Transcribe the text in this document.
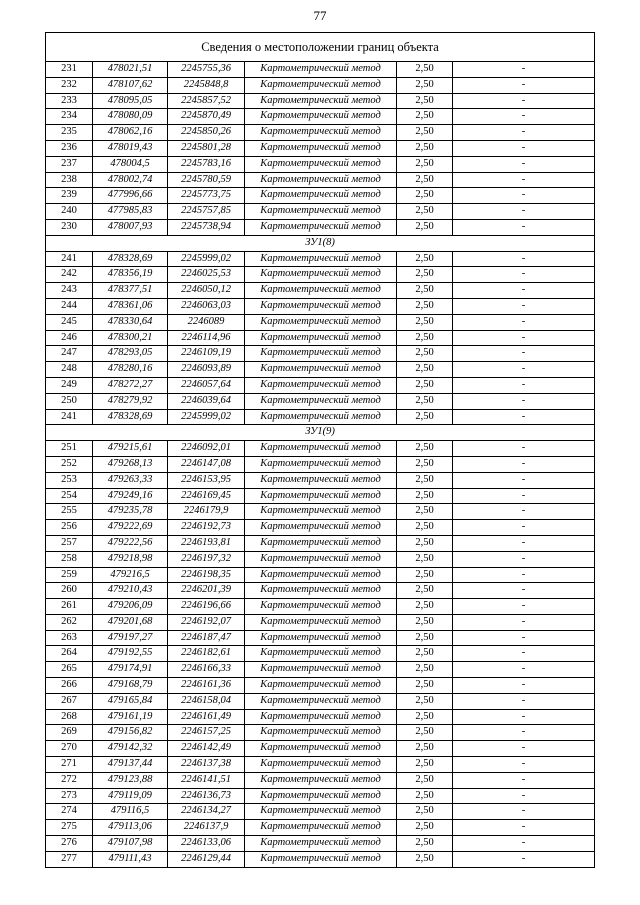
77
Сведения о местоположении границ объекта					
231	478021,51	2245755,36	Картометрический метод	2,50	-
232	478107,62	2245848,8	Картометрический метод	2,50	-
233	478095,05	2245857,52	Картометрический метод	2,50	-
234	478080,09	2245870,49	Картометрический метод	2,50	-
235	478062,16	2245850,26	Картометрический метод	2,50	-
236	478019,43	2245801,28	Картометрический метод	2,50	-
237	478004,5	2245783,16	Картометрический метод	2,50	-
238	478002,74	2245780,59	Картометрический метод	2,50	-
239	477996,66	2245773,75	Картометрический метод	2,50	-
240	477985,83	2245757,85	Картометрический метод	2,50	-
230	478007,93	2245738,94	Картометрический метод	2,50	-
ЗУ1(8)					
241	478328,69	2245999,02	Картометрический метод	2,50	-
242	478356,19	2246025,53	Картометрический метод	2,50	-
243	478377,51	2246050,12	Картометрический метод	2,50	-
244	478361,06	2246063,03	Картометрический метод	2,50	-
245	478330,64	2246089	Картометрический метод	2,50	-
246	478300,21	2246114,96	Картометрический метод	2,50	-
247	478293,05	2246109,19	Картометрический метод	2,50	-
248	478280,16	2246093,89	Картометрический метод	2,50	-
249	478272,27	2246057,64	Картометрический метод	2,50	-
250	478279,92	2246039,64	Картометрический метод	2,50	-
241	478328,69	2245999,02	Картометрический метод	2,50	-
ЗУ1(9)					
251	479215,61	2246092,01	Картометрический метод	2,50	-
252	479268,13	2246147,08	Картометрический метод	2,50	-
253	479263,33	2246153,95	Картометрический метод	2,50	-
254	479249,16	2246169,45	Картометрический метод	2,50	-
255	479235,78	2246179,9	Картометрический метод	2,50	-
256	479222,69	2246192,73	Картометрический метод	2,50	-
257	479222,56	2246193,81	Картометрический метод	2,50	-
258	479218,98	2246197,32	Картометрический метод	2,50	-
259	479216,5	2246198,35	Картометрический метод	2,50	-
260	479210,43	2246201,39	Картометрический метод	2,50	-
261	479206,09	2246196,66	Картометрический метод	2,50	-
262	479201,68	2246192,07	Картометрический метод	2,50	-
263	479197,27	2246187,47	Картометрический метод	2,50	-
264	479192,55	2246182,61	Картометрический метод	2,50	-
265	479174,91	2246166,33	Картометрический метод	2,50	-
266	479168,79	2246161,36	Картометрический метод	2,50	-
267	479165,84	2246158,04	Картометрический метод	2,50	-
268	479161,19	2246161,49	Картометрический метод	2,50	-
269	479156,82	2246157,25	Картометрический метод	2,50	-
270	479142,32	2246142,49	Картометрический метод	2,50	-
271	479137,44	2246137,38	Картометрический метод	2,50	-
272	479123,88	2246141,51	Картометрический метод	2,50	-
273	479119,09	2246136,73	Картометрический метод	2,50	-
274	479116,5	2246134,27	Картометрический метод	2,50	-
275	479113,06	2246137,9	Картометрический метод	2,50	-
276	479107,98	2246133,06	Картометрический метод	2,50	-
277	479111,43	2246129,44	Картометрический метод	2,50	-
